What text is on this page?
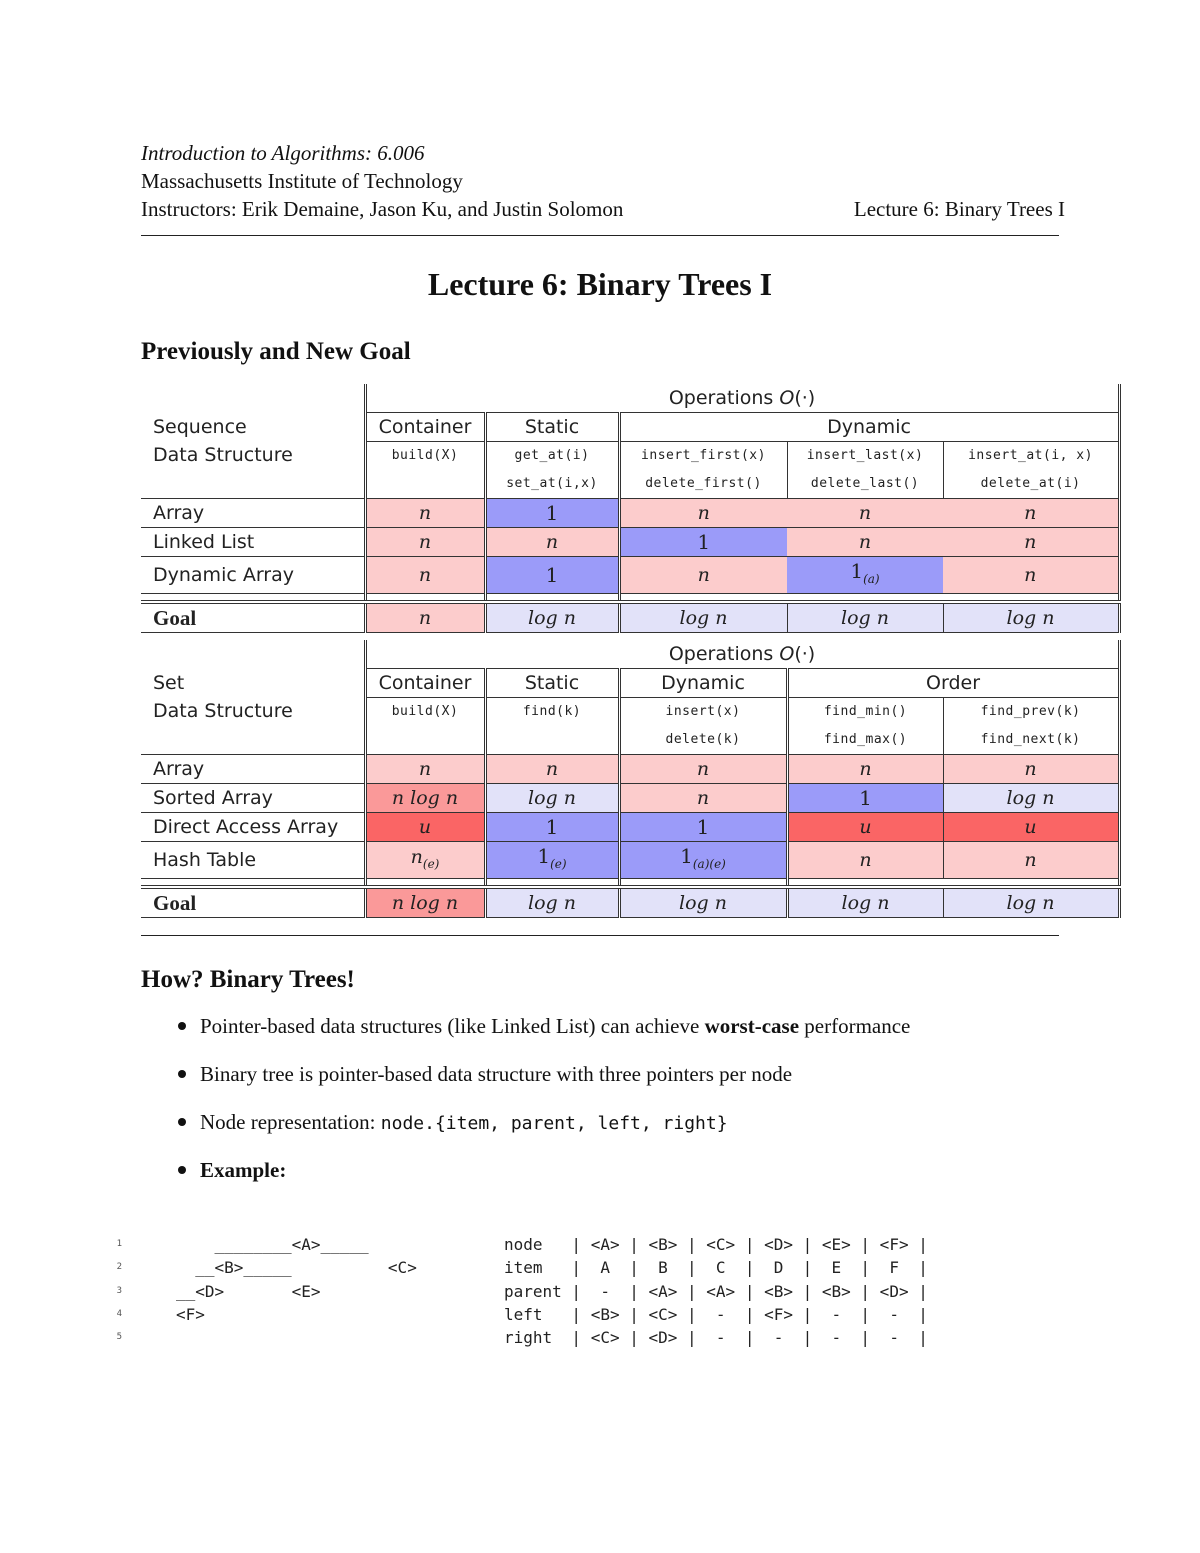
Introduction to Algorithms: 6.006
Massachusetts Institute of Technology
Instructors: Erik Demaine, Jason Ku, and Justin Solomon	Lecture 6: Binary Trees I
Lecture 6: Binary Trees I
Previously and New Goal
	Operations O(·)				
Sequence
Data Structure	Container	Static	Dynamic		
	build(X)	get_at(i)	insert_first(x)	insert_last(x)	insert_at(i, x)
		set_at(i,x)	delete_first()	delete_last()	delete_at(i)
Array	n	1	n	n	n
Linked List	n	n	1	n	n
Dynamic Array	n	1	n	$1_{(a)}$	n

Goal	n	log n	log n	log n	log n
	Operations O(·)				
Set
Data Structure	Container	Static	Dynamic	Order	
	build(X)	find(k)	insert(x)	find_min()	find_prev(k)
			delete(k)	find_max()	find_next(k)
Array	n	n	n	n	n
Sorted Array	n log n	log n	n	1	log n
Direct Access Array	u	1	1	u	u
Hash Table	$n_{(e)}$	$1_{(e)}$	$1_{(a)(e)}$	n	n

Goal	n log n	log n	log n	log n	log n
How? Binary Trees!
Pointer-based data structures (like Linked List) can achieve worst-case performance
Binary tree is pointer-based data structure with three pointers per node
Node representation: node.{item, parent, left, right}
Example:
1	________<A>_____	node   | <A> | <B> | <C> | <D> | <E> | <F> |
2	__<B>_____          <C>	item   |  A  |  B  |  C  |  D  |  E  |  F  |
3	__<D>       <E>	parent |  -  | <A> | <A> | <B> | <B> | <D> |
4	<F>	left   | <B> | <C> |  -  | <F> |  -  |  -  |
5	right  | <C> | <D> |  -  |  -  |  -  |  -  |
